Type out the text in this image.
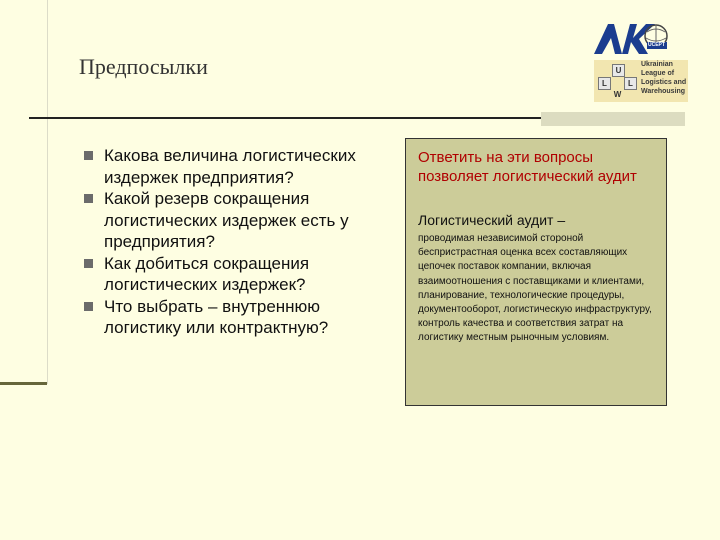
Предпосылки
UCEPT
U
L	L
W
Ukrainian
League of
Logistics and
Warehousing
Какова величина логистических издержек предприятия?
Какой резерв сокращения логистических издержек есть у предприятия?
Как добиться сокращения логистических издержек?
Что выбрать – внутреннюю логистику или контрактную?
Ответить на эти вопросы позволяет логистический аудит
Логистический аудит –
проводимая независимой стороной беспристрастная оценка всех составляющих цепочек поставок компании, включая взаимоотношения с поставщиками и клиентами, планирование, технологические процедуры, документооборот, логистическую инфраструктуру, контроль качества и соответствия затрат на логистику местным рыночным условиям.
